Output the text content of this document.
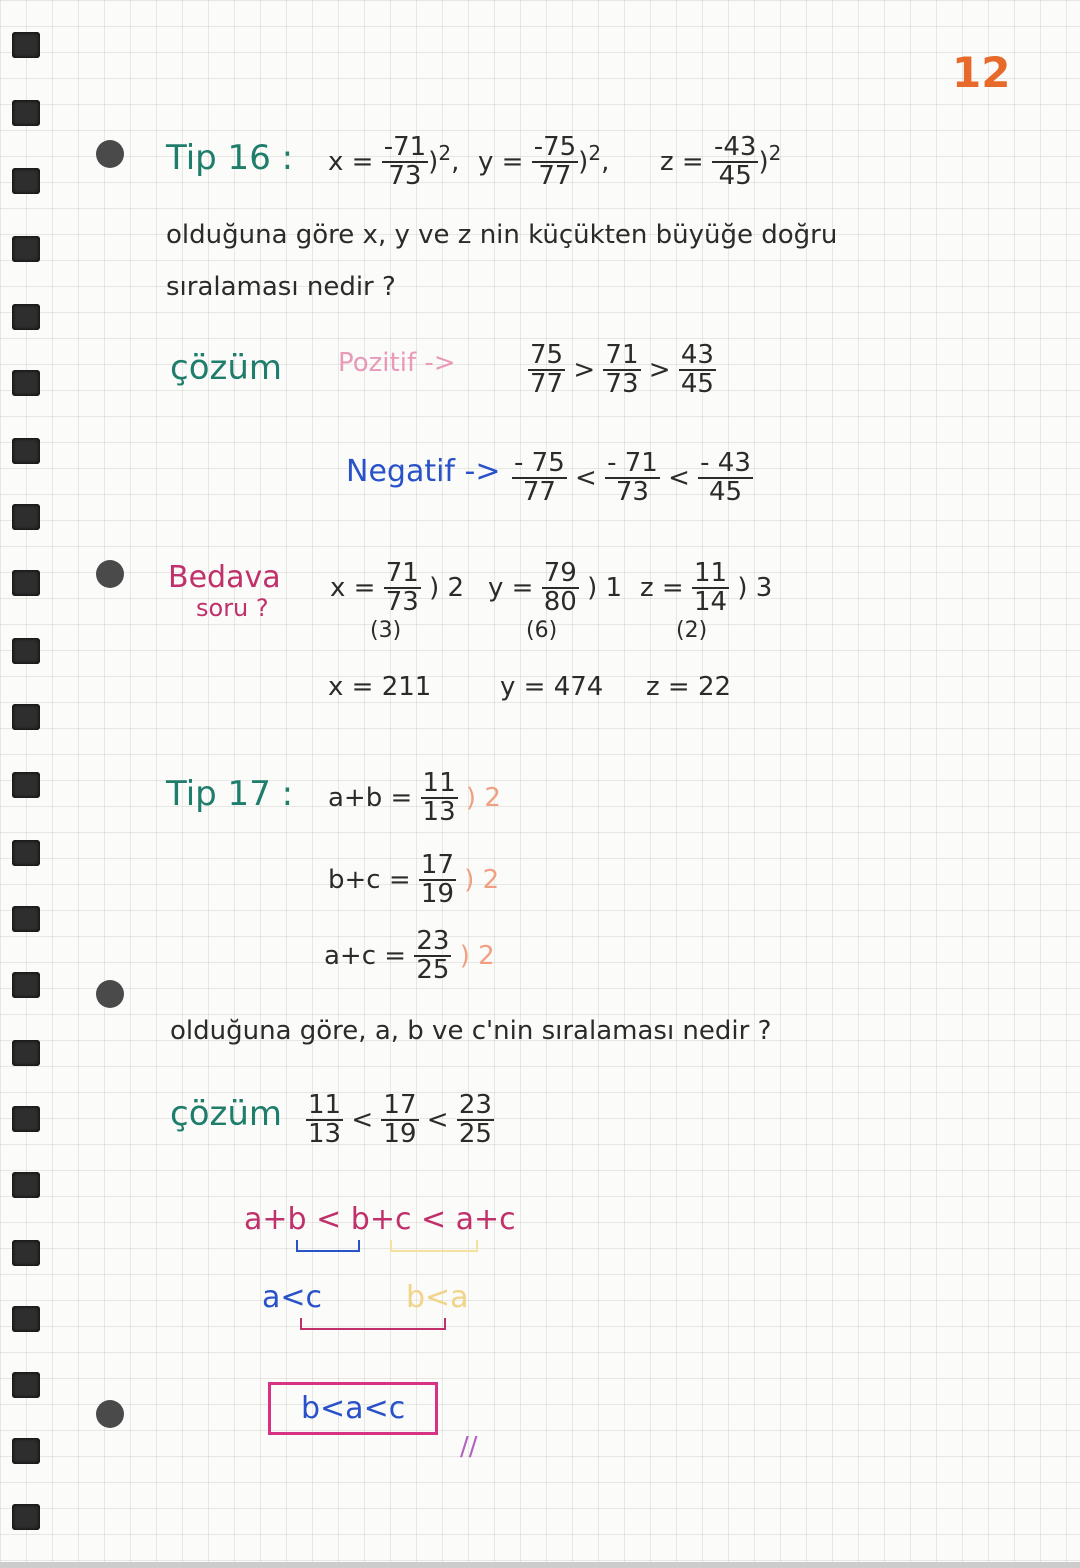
12
Tip 16 : $x = \frac{-71}{73} )^2$, $y = \frac{-75}{77} )^2$, $z = \frac{-43}{45} )^2$
olduğuna göre x, y ve z nin küçükten büyüğe doğru
sıralaması nedir ?
çözüm Pozitif ->	$\frac{75}{77} > \frac{71}{73} > \frac{43}{45}$
Negatif -> $\frac{- 75}{77} < \frac{- 71}{73} < \frac{- 43}{45}$
Bedava
soru ?
$x = \frac{71}{73}$ ) 2
(3)
$y = \frac{79}{80}$ ) 1
(6)
$z = \frac{11}{14}$ ) 3
(2)
x = 211	y = 474 z = 22
Tip 17 : $a+b = \frac{11}{13}$ ) 2
$b+c = \frac{17}{19}$ ) 2
$a+c = \frac{23}{25}$ ) 2
olduğuna göre, a, b ve c'nin sıralaması nedir ?
çözüm $\frac{11}{13} < \frac{17}{19} < \frac{23}{25}$
a+b < b+c < a+c
a<c	b<a
b<a<c
//
